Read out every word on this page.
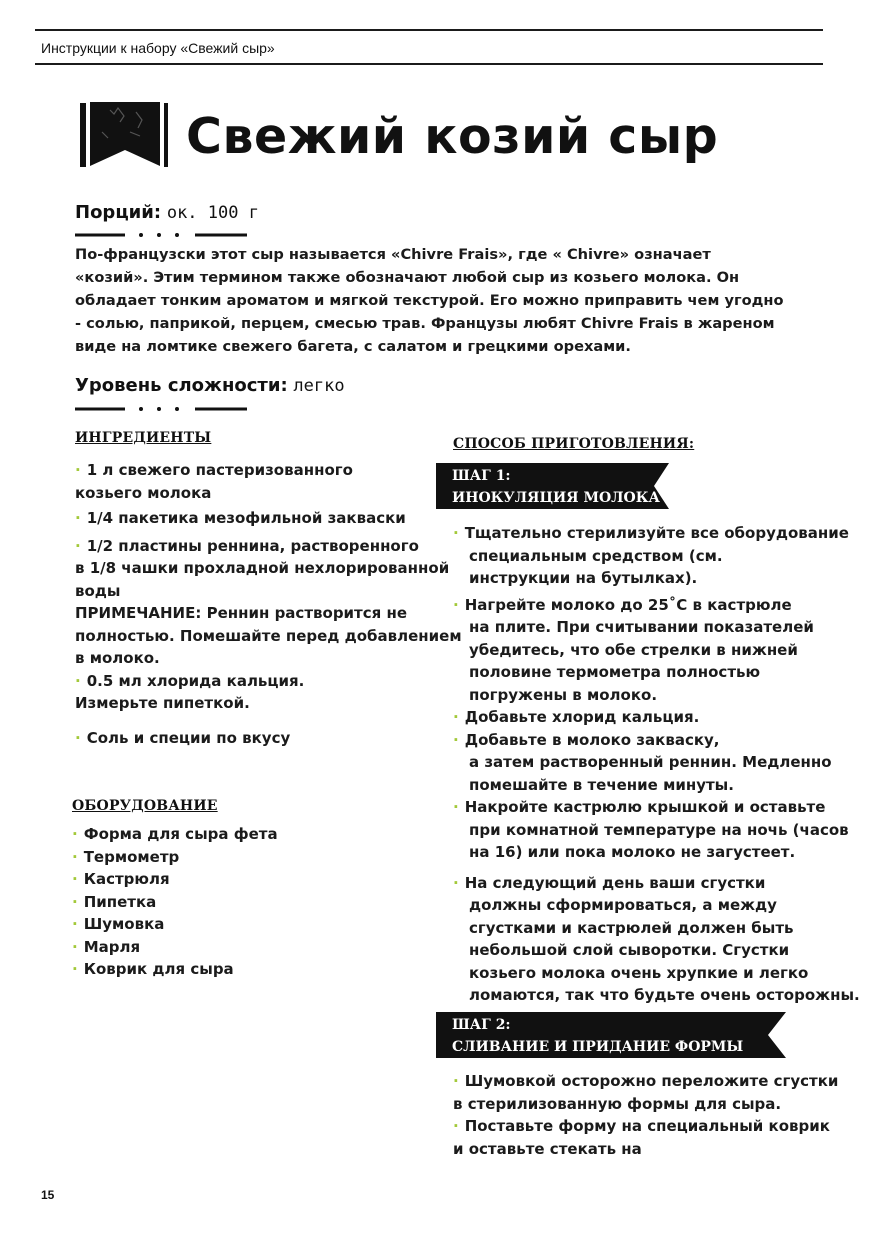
Инструкции к набору «Свежий сыр»
Свежий козий сыр
Порций: ок. 100 г

По-французски этот сыр называется «Chivre Frais», где « Chivre» означает

«козий». Этим термином также обозначают любой сыр из козьего молока. Он

обладает тонким ароматом и мягкой текстурой. Его можно приправить чем угодно

- солью, паприкой, перцем, смесью трав. Французы любят Chivre Frais в жареном

виде на ломтике свежего багета, с салатом и грецкими орехами.

Уровень сложности: легко
ИНГРЕДИЕНТЫ
· 1 л свежего пастеризованного
козьего молока
· 1/4 пакетика мезофильной закваски
· 1/2 пластины реннина, растворенного
в 1/8 чашки прохладной нехлорированной
воды
ПРИМЕЧАНИЕ: Реннин растворится не
полностью. Помешайте перед добавлением
в молоко.
· 0.5 мл хлорида кальция.
Измерьте пипеткой.
· Соль и специи по вкусу
ОБОРУДОВАНИЕ
· Форма для сыра фета
· Термометр
· Кастрюля
· Пипетка
· Шумовка
· Марля
· Коврик для сыра
СПОСОБ ПРИГОТОВЛЕНИЯ:
ШАГ 1:
ИНОКУЛЯЦИЯ МОЛОКА
· Тщательно стерилизуйте все оборудование
специальным средством (см.
инструкции на бутылках).
· Нагрейте молоко до 25˚C в кастрюле
на плите. При считывании показателей
убедитесь, что обе стрелки в нижней
половине термометра полностью
погружены в молоко.
· Добавьте хлорид кальция.
· Добавьте в молоко закваску,
а затем растворенный реннин. Медленно
помешайте в течение минуты.
· Накройте кастрюлю крышкой и оставьте
при комнатной температуре на ночь (часов
на 16) или пока молоко не загустеет.
· На следующий день ваши сгустки
должны сформироваться, а между
сгустками и кастрюлей должен быть
небольшой слой сыворотки. Сгустки
козьего молока очень хрупкие и легко
ломаются, так что будьте очень осторожны.
ШАГ 2:
СЛИВАНИЕ И ПРИДАНИЕ ФОРМЫ
· Шумовкой осторожно переложите сгустки
в стерилизованную формы для сыра.
· Поставьте форму на специальный коврик
и оставьте стекать на
15
